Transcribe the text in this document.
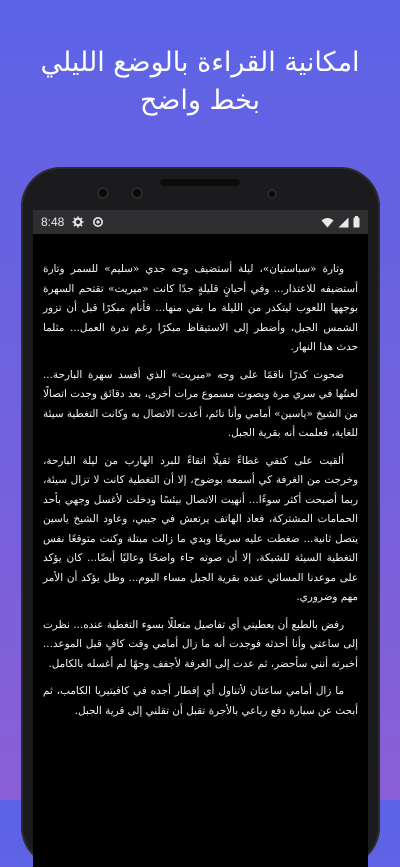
امكانية القراءة بالوضع الليلي
بخط واضح
8:48

وتارة «سباستيان»، ليلة أستضيف وجه جدي «سليم» للسمر وتارة أستضيفه للاعتذار... وفي أحيانٍ قليلةٍ جدًا كانت «ميريت» تقتحم السهرة بوجهها اللعوب ليتكدر من الليلة ما بقي منها... فأنام مبكرًا قبل أن تزور الشمس الجبل، وأضطر إلى الاستيقاظ مبكرًا رغم ندرة العمل... مثلما حدث هذا النهار.

صحوت كدرًا ناقمًا على وجه «ميريت» الذي أفسد سهرة البارحة... لعنتُها في سري مرة وبصوت مسموع مرات أخرى، بعد دقائق وجدت اتصالًا من الشيخ «ياسين» أمامي وأنا نائم، أعدت الاتصال به وكانت التغطية سيئة للغاية، فعلمت أنه بقرية الجبل.

ألقيت على كتفي غطاءً ثقيلًا اتقاءً للبرد الهارب من ليلة البارحة، وخرجت من الغرفة كي أسمعه بوضوح، إلا أن التغطية كانت لا تزال سيئة، ربما أصبحت أكثر سوءًا... أنهيت الاتصال بيئسًا ودخلت لأغسل وجهي بأحد الحمامات المشتركة، فعاد الهاتف يرتعش في جيبي، وعاود الشيخ ياسين يتصل ثانية... ضغطت عليه سريعًا وبدي ما زالت مبتلة وكنت متوقعًا نفس التغطية السيئة للشبكة، إلا أن صوته جاء واضحًا وعاليًا أيضًا... كان يؤكد على موعدنا المسائي عنده بقرية الجبل مساء اليوم... وظل يؤكد أن الأمر مهم وضروري.

رفض بالطبع أن يعطيني أي تفاصيل متعللًا بسوء التغطية عنده... نظرت إلى ساعتي وأنا أحدثه فوجدت أنه ما زال أمامي وقت كافٍ قبل الموعد... أخبرته أنني سأحضر، ثم عدت إلى الغرفة لأجفف وجهًا لم أغسله بالكامل.

ما زال أمامي ساعتان لأتناول أي إفطار أجده في كافيتيريا الكامب، ثم أبحث عن سيارة دفع رباعي بالأجرة تقبل أن تقلني إلى قرية الجبل.
